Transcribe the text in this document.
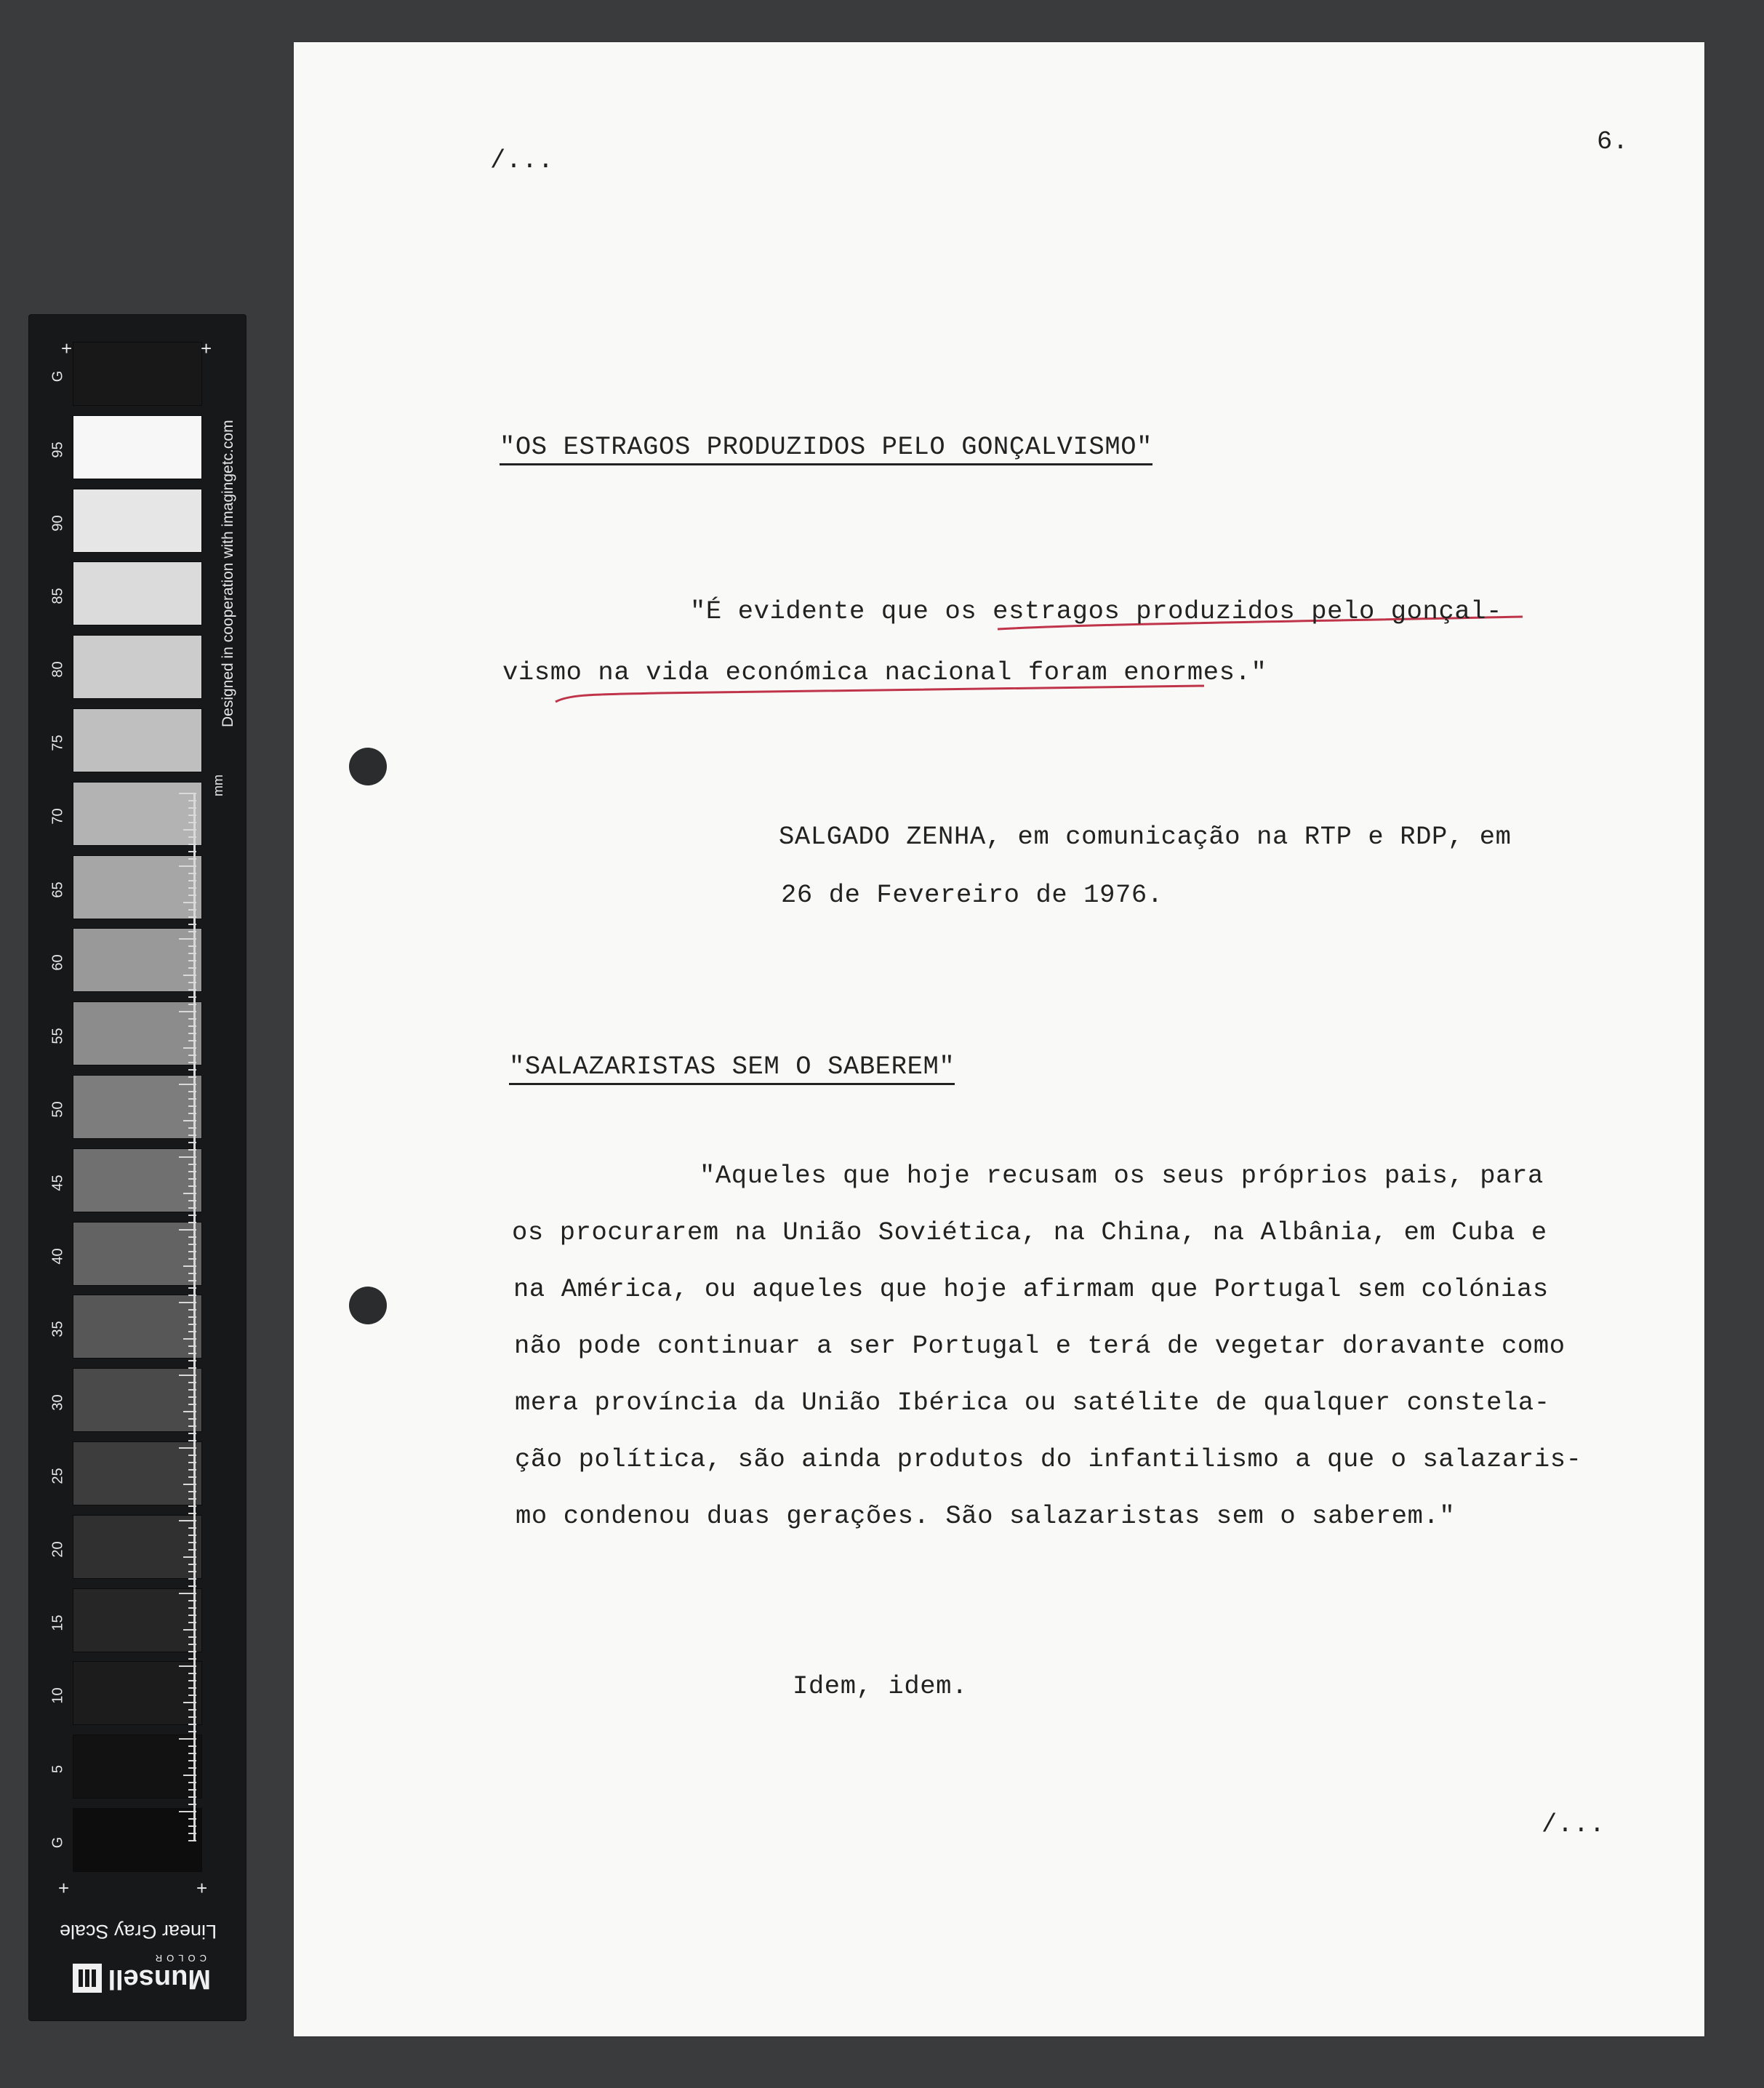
G
95
90
85
80
75
70
65
60
55
50
45
40
35
30
25
20
15
10
5
G
mm
Designed in cooperation with imagingetc.com
Linear Gray Scale
Munsell
COLOR
+	+
+	+
/...
6.
"OS ESTRAGOS PRODUZIDOS PELO GONÇALVISMO"
"É evidente que os estragos produzidos pelo gonçal-
vismo na vida económica nacional foram enormes."
SALGADO ZENHA, em comunicação na RTP e RDP, em
26 de Fevereiro de 1976.
"SALAZARISTAS SEM O SABEREM"
"Aqueles que hoje recusam os seus próprios pais, para
os procurarem na União Soviética, na China, na Albânia, em Cuba e
na América, ou aqueles que hoje afirmam que Portugal sem colónias
não pode continuar a ser Portugal e terá de vegetar doravante como
mera província da União Ibérica ou satélite de qualquer constela-
ção política, são ainda produtos do infantilismo a que o salazaris-
mo condenou duas gerações. São salazaristas sem o saberem."
Idem, idem.
/...
